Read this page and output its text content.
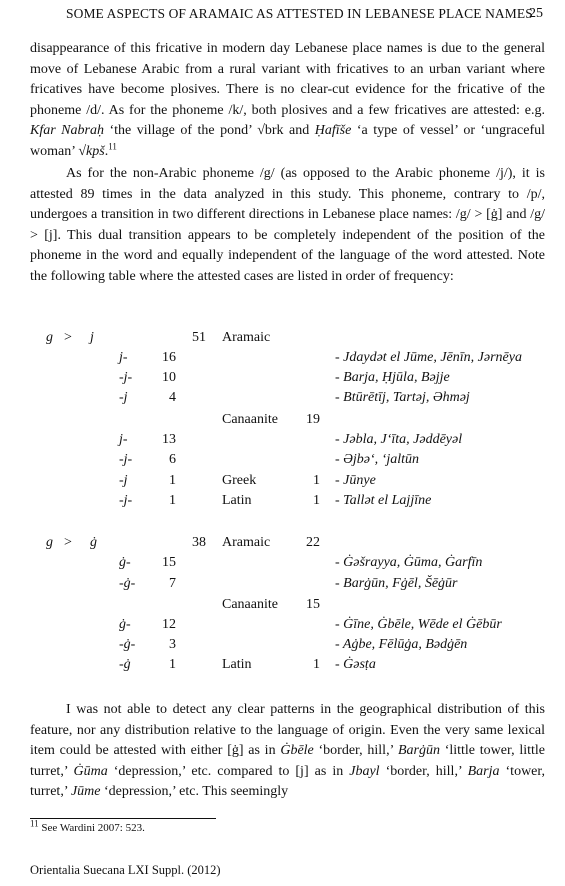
SOME ASPECTS OF ARAMAIC AS ATTESTED IN LEBANESE PLACE NAMES
25

disappearance of this fricative in modern day Lebanese place names is due to the general move of Lebanese Arabic from a rural variant with fricatives to an urban variant where fricatives have become plosives. There is no clear-cut evidence for the fricative of the phoneme /d/. As for the phoneme /k/, both plosives and a few fricatives are attested: e.g. Kfar Nabraḥ ‘the village of the pond’ √brk and Ḥafīše ‘a type of vessel’ or ‘ungraceful woman’ √kpš.$^{11}$

As for the non-Arabic phoneme /g/ (as opposed to the Arabic phoneme /j/), it is attested 89 times in the data analyzed in this study. This phoneme, contrary to /p/, undergoes a transition in two different directions in Lebanese place names: /g/ > [ġ] and /g/ > [j]. This dual transition appears to be completely independent of the position of the phoneme in the word and equally independent of the language of the word attested. Note the following table where the attested cases are listed in order of frequency:

g > j	51 Aramaic
j-	16	- Jdaydət el Jūme, Jēnīn, Jərnēya
-j-	10	- Barja, Ḥjūla, Bəjje
-j	4	- Btūrētīj, Tartəj, Əhməj
Canaanite	19
j-	13	- Jəbla, J‘īta, Jəddēyəl
-j-	6	- Əjbə‘, ‘jaltūn
-j	1	Greek	1 - Jūnye
-j-	1	Latin	1 - Tallət el Lajjīne
g > ġ	38 Aramaic	22
ġ-	15	- Ġəšrayya, Ġūma, Ġarfīn
-ġ-	7	- Barġūn, Fġēl, Šēġūr
Canaanite	15
ġ-	12	- Ġīne, Ġbēle, Wēde el Ġēbūr
-ġ-	3	- Aġbe, Fēlūġa, Bədġēn
-ġ	1	Latin	1 - Ġəsṭa

I was not able to detect any clear patterns in the geographical distribution of this feature, nor any distribution relative to the language of origin. Even the very same lexical item could be attested with either [ġ] as in Ġbēle ‘border, hill,’ Barġūn ‘little tower, little turret,’ Ġūma ‘depression,’ etc. compared to [j] as in Jbayl ‘border, hill,’ Barja ‘tower, turret,’ Jūme ‘depression,’ etc. This seemingly

$^{11}$ See Wardini 2007: 523.
Orientalia Suecana LXI Suppl. (2012)
